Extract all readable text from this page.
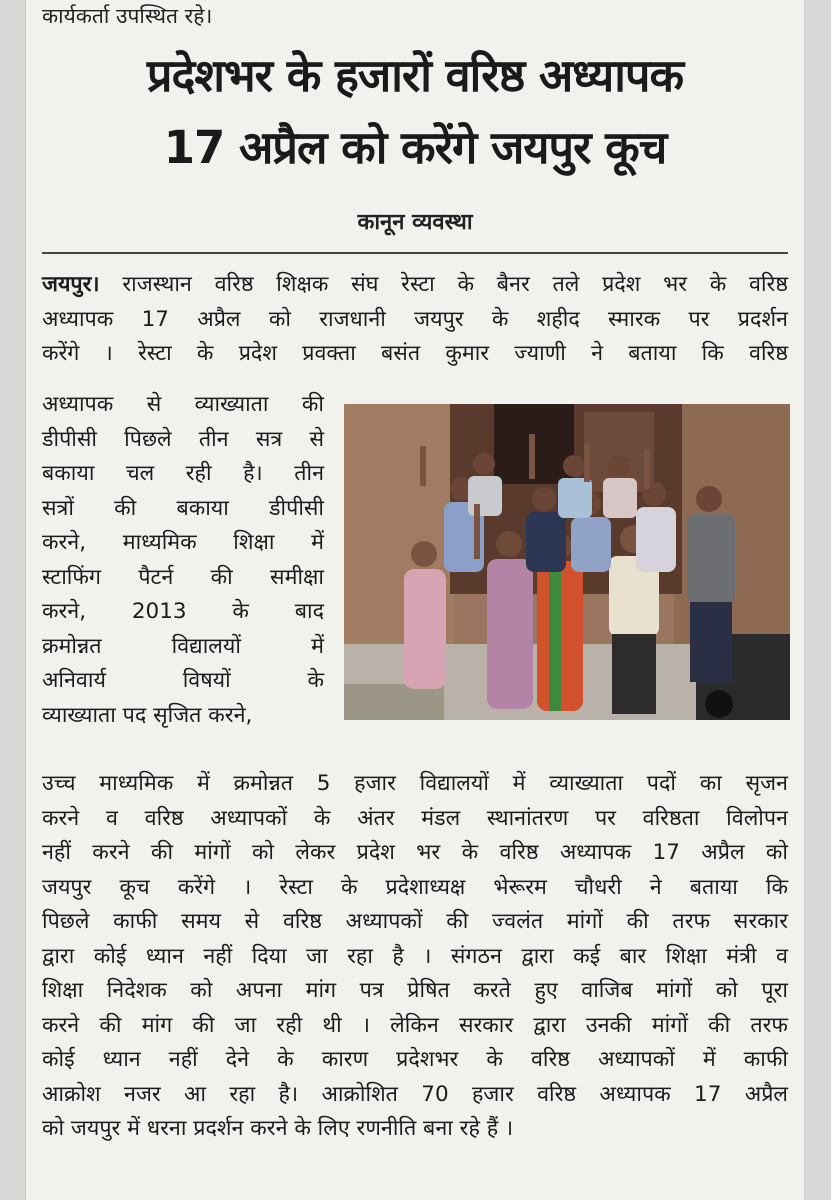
कार्यकर्ता उपस्थित रहे।
प्रदेशभर के हजारों वरिष्ठ अध्यापक
17 अप्रैल को करेंगे जयपुर कूच
कानून व्यवस्था
जयपुर। राजस्थान वरिष्ठ शिक्षक संघ रेस्टा के बैनर तले प्रदेश भर के वरिष्ठ
अध्यापक 17 अप्रैल को राजधानी जयपुर के शहीद स्मारक पर प्रदर्शन
करेंगे । रेस्टा के प्रदेश प्रवक्ता बसंत कुमार ज्याणी ने बताया कि वरिष्ठ
अध्यापक से व्याख्याता की
डीपीसी पिछले तीन सत्र से
बकाया चल रही है। तीन
सत्रों की बकाया डीपीसी
करने, माध्यमिक शिक्षा में
स्टाफिंग पैटर्न की समीक्षा
करने, 2013 के बाद
क्रमोन्नत विद्यालयों में
अनिवार्य विषयों के
व्याख्याता पद सृजित करने,
उच्च माध्यमिक में क्रमोन्नत 5 हजार विद्यालयों में व्याख्याता पदों का सृजन
करने व वरिष्ठ अध्यापकों के अंतर मंडल स्थानांतरण पर वरिष्ठता विलोपन
नहीं करने की मांगों को लेकर प्रदेश भर के वरिष्ठ अध्यापक 17 अप्रैल को
जयपुर कूच करेंगे । रेस्टा के प्रदेशाध्यक्ष भेरूरम चौधरी ने बताया कि
पिछले काफी समय से वरिष्ठ अध्यापकों की ज्वलंत मांगों की तरफ सरकार
द्वारा कोई ध्यान नहीं दिया जा रहा है । संगठन द्वारा कई बार शिक्षा मंत्री व
शिक्षा निदेशक को अपना मांग पत्र प्रेषित करते हुए वाजिब मांगों को पूरा
करने की मांग की जा रही थी । लेकिन सरकार द्वारा उनकी मांगों की तरफ
कोई ध्यान नहीं देने के कारण प्रदेशभर के वरिष्ठ अध्यापकों में काफी
आक्रोश नजर आ रहा है। आक्रोशित 70 हजार वरिष्ठ अध्यापक 17 अप्रैल
को जयपुर में धरना प्रदर्शन करने के लिए रणनीति बना रहे हैं ।
